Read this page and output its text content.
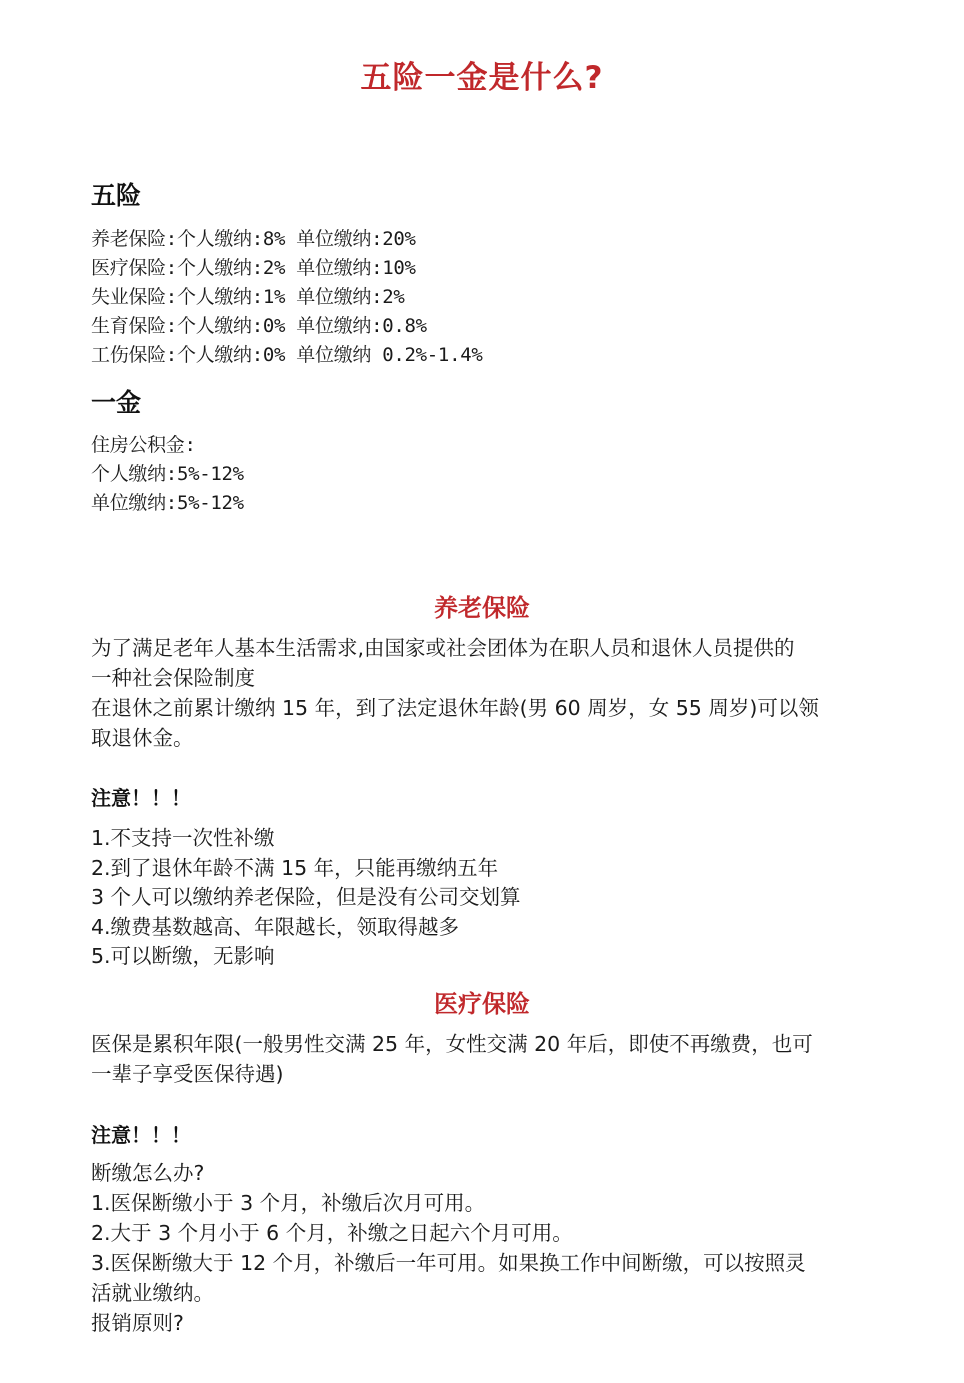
五险一金是什么?
五险
养老保险:个人缴纳:8% 单位缴纳:20%
医疗保险:个人缴纳:2% 单位缴纳:10%
失业保险:个人缴纳:1% 单位缴纳:2%
生育保险:个人缴纳:0% 单位缴纳:0.8%
工伤保险:个人缴纳:0% 单位缴纳 0.2%-1.4%
一金
住房公积金:
个人缴纳:5%-12%
单位缴纳:5%-12%
养老保险
为了满足老年人基本生活需求,由国家或社会团体为在职人员和退休人员提供的
一种社会保险制度
在退休之前累计缴纳 15 年，到了法定退休年龄(男 60 周岁，女 55 周岁)可以领
取退休金。
注意！！！
1.不支持一次性补缴
2.到了退休年龄不满 15 年，只能再缴纳五年
3 个人可以缴纳养老保险，但是没有公司交划算
4.缴费基数越高、年限越长，领取得越多
5.可以断缴，无影响
医疗保险
医保是累积年限(一般男性交满 25 年，女性交满 20 年后，即使不再缴费，也可
一辈子享受医保待遇)
注意！！！
断缴怎么办?
1.医保断缴小于 3 个月，补缴后次月可用。
2.大于 3 个月小于 6 个月，补缴之日起六个月可用。
3.医保断缴大于 12 个月，补缴后一年可用。如果换工作中间断缴，可以按照灵
活就业缴纳。
报销原则?
